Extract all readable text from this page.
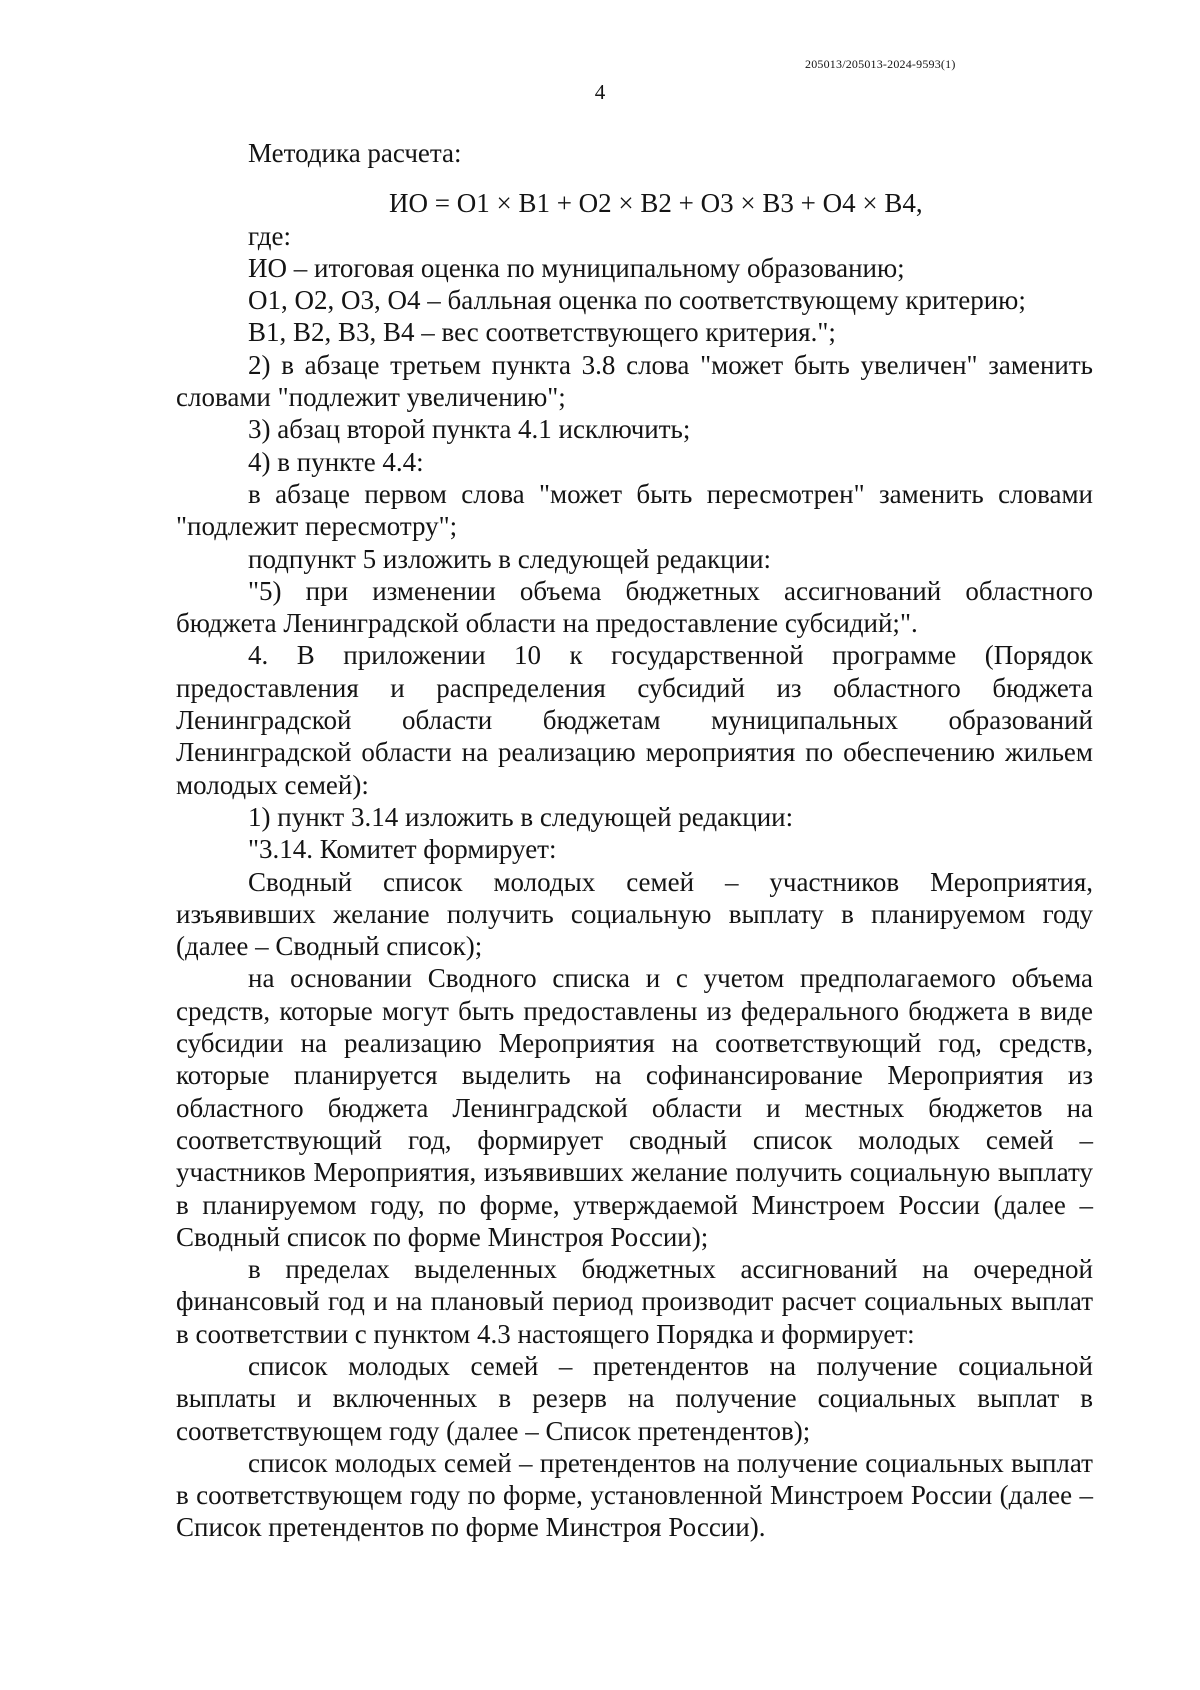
205013/205013-2024-9593(1)
4

Методика расчета:

ИО = О1 × В1 + О2 × В2 + О3 × В3 + О4 × В4,

где:

ИО – итоговая оценка по муниципальному образованию;

О1, О2, О3, О4 – балльная оценка по соответствующему критерию;

В1, В2, В3, В4 – вес соответствующего критерия.";

2) в абзаце третьем пункта 3.8 слова "может быть увеличен" заменить словами "подлежит увеличению";

3) абзац второй пункта 4.1 исключить;

4) в пункте 4.4:

в абзаце первом слова "может быть пересмотрен" заменить словами "подлежит пересмотру";

подпункт 5 изложить в следующей редакции:

"5) при изменении объема бюджетных ассигнований областного бюджета Ленинградской области на предоставление субсидий;".

4. В приложении 10 к государственной программе (Порядок предоставления и распределения субсидий из областного бюджета Ленинградской области бюджетам муниципальных образований Ленинградской области на реализацию мероприятия по обеспечению жильем молодых семей):

1) пункт 3.14 изложить в следующей редакции:

"3.14. Комитет формирует:

Сводный список молодых семей – участников Мероприятия, изъявивших желание получить социальную выплату в планируемом году (далее – Сводный список);

на основании Сводного списка и с учетом предполагаемого объема средств, которые могут быть предоставлены из федерального бюджета в виде субсидии на реализацию Мероприятия на соответствующий год, средств, которые планируется выделить на софинансирование Мероприятия из областного бюджета Ленинградской области и местных бюджетов на соответствующий год, формирует сводный список молодых семей – участников Мероприятия, изъявивших желание получить социальную выплату в планируемом году, по форме, утверждаемой Минстроем России (далее – Сводный список по форме Минстроя России);

в пределах выделенных бюджетных ассигнований на очередной финансовый год и на плановый период производит расчет социальных выплат в соответствии с пунктом 4.3 настоящего Порядка и формирует:

список молодых семей – претендентов на получение социальной выплаты и включенных в резерв на получение социальных выплат в соответствующем году (далее – Список претендентов);

список молодых семей – претендентов на получение социальных выплат в соответствующем году по форме, установленной Минстроем России (далее – Список претендентов по форме Минстроя России).
